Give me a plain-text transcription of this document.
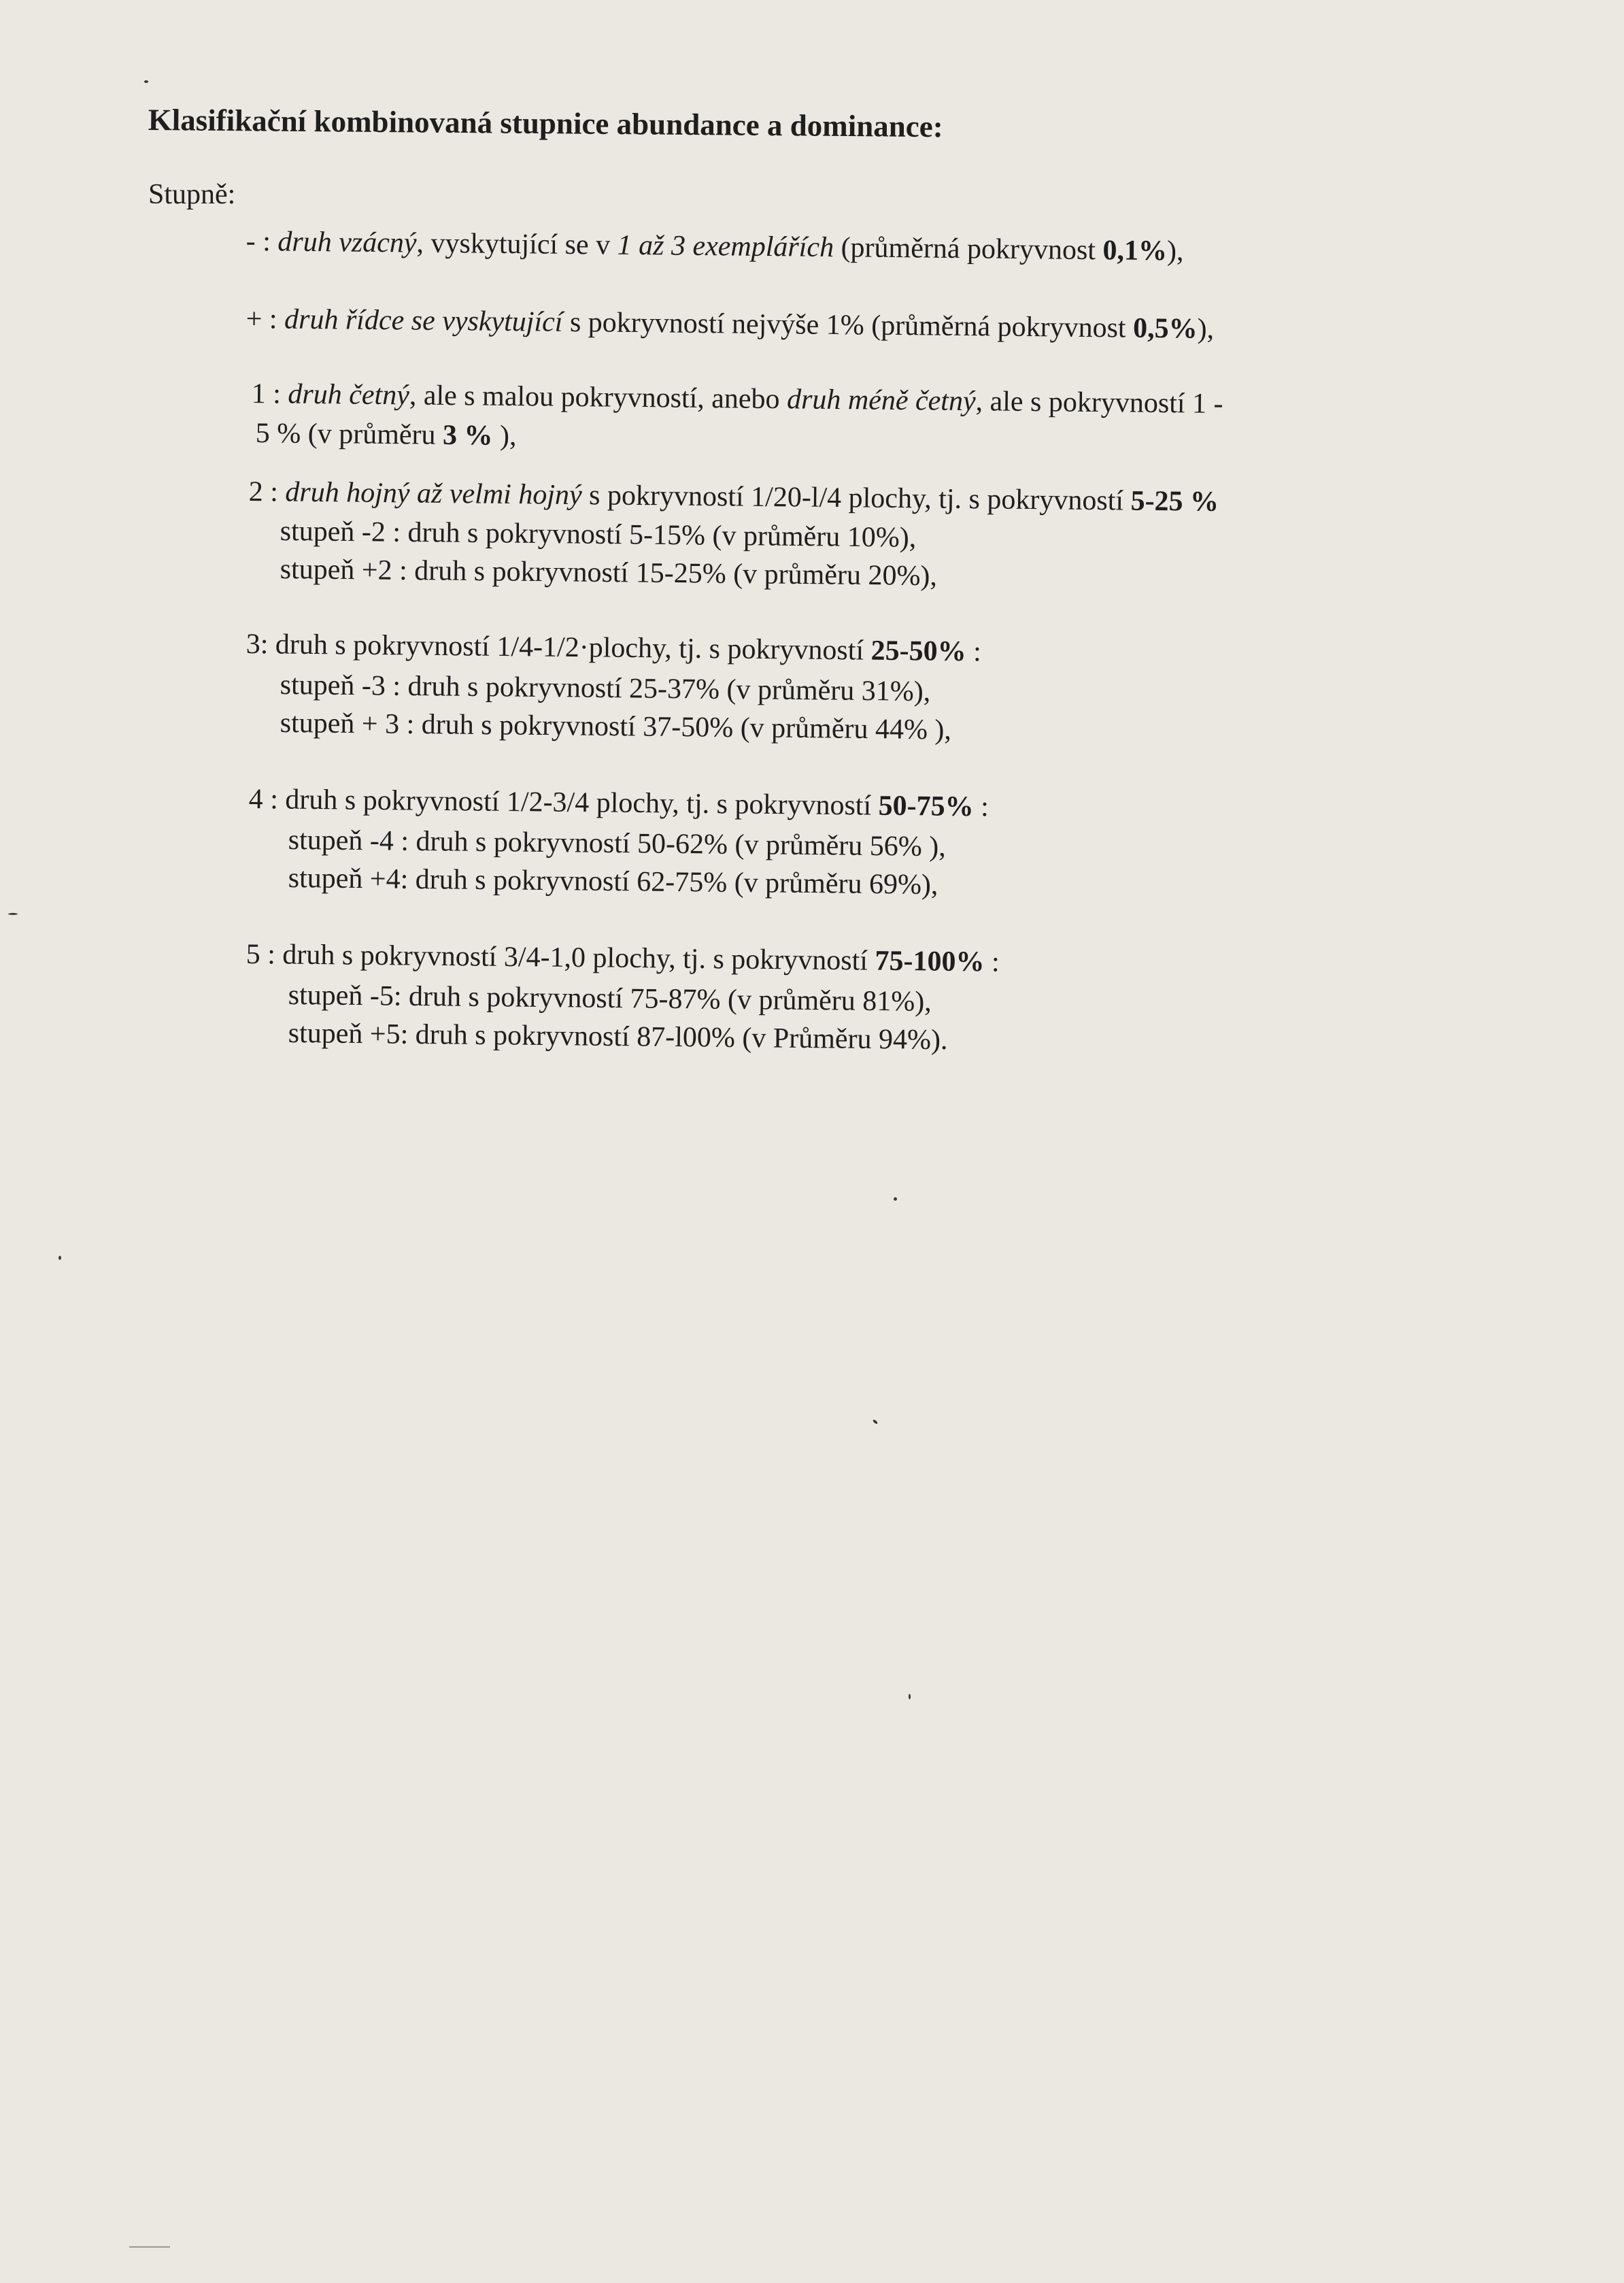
Klasifikační kombinovaná stupnice abundance a dominance:
Stupně:
- : druh vzácný, vyskytující se v 1 až 3 exemplářích (průměrná pokryvnost 0,1%),
+ : druh řídce se vyskytující s pokryvností nejvýše 1% (průměrná pokryvnost 0,5%),
1 : druh četný, ale s malou pokryvností, anebo druh méně četný, ale s pokryvností 1 -
5 % (v průměru 3 % ),
2 : druh hojný až velmi hojný s pokryvností 1/20-l/4 plochy, tj. s pokryvností 5-25 %
stupeň -2 : druh s pokryvností 5-15% (v průměru 10%),
stupeň +2 : druh s pokryvností 15-25% (v průměru 20%),
3: druh s pokryvností 1/4-1/2·plochy, tj. s pokryvností 25-50% :
stupeň -3 : druh s pokryvností 25-37% (v průměru 31%),
stupeň + 3 : druh s pokryvností 37-50% (v průměru 44% ),
4 : druh s pokryvností 1/2-3/4 plochy, tj. s pokryvností 50-75% :
stupeň -4 : druh s pokryvností 50-62% (v průměru 56% ),
stupeň +4: druh s pokryvností 62-75% (v průměru 69%),
5 : druh s pokryvností 3/4-1,0 plochy, tj. s pokryvností 75-100% :
stupeň -5: druh s pokryvností 75-87% (v průměru 81%),
stupeň +5: druh s pokryvností 87-l00% (v Průměru 94%).
